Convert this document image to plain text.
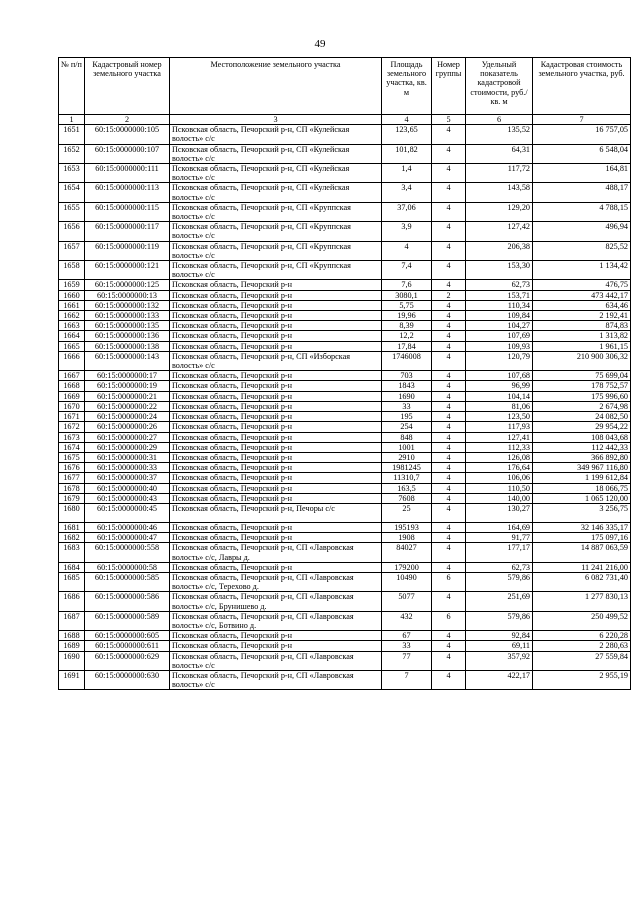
49
№ п/п	Кадастровый номер земельного участка	Местоположение земельного участка	Площадь земельного участка, кв. м	Номер группы	Удельный показатель кадастровой стоимости, руб./кв. м	Кадастровая стоимость земельного участка, руб.
1	2	3	4	5	6	7
1651	60:15:0000000:105	Псковская область, Печорский р-н, СП «Кулейская волость» с/с	123,65	4	135,52	16 757,05
1652	60:15:0000000:107	Псковская область, Печорский р-н, СП «Кулейская волость» с/с	101,82	4	64,31	6 548,04
1653	60:15:0000000:111	Псковская область, Печорский р-н, СП «Кулейская волость» с/с	1,4	4	117,72	164,81
1654	60:15:0000000:113	Псковская область, Печорский р-н, СП «Кулейская волость» с/с	3,4	4	143,58	488,17
1655	60:15:0000000:115	Псковская область, Печорский р-н, СП «Круппская волость» с/с	37,06	4	129,20	4 788,15
1656	60:15:0000000:117	Псковская область, Печорский р-н, СП «Круппская волость» с/с	3,9	4	127,42	496,94
1657	60:15:0000000:119	Псковская область, Печорский р-н, СП «Круппская волость» с/с	4	4	206,38	825,52
1658	60:15:0000000:121	Псковская область, Печорский р-н, СП «Круппская волость» с/с	7,4	4	153,30	1 134,42
1659	60:15:0000000:125	Псковская область, Печорский р-н	7,6	4	62,73	476,75
1660	60:15:0000000:13	Псковская область, Печорский р-н	3080,1	2	153,71	473 442,17
1661	60:15:0000000:132	Псковская область, Печорский р-н	5,75	4	110,34	634,46
1662	60:15:0000000:133	Псковская область, Печорский р-н	19,96	4	109,84	2 192,41
1663	60:15:0000000:135	Псковская область, Печорский р-н	8,39	4	104,27	874,83
1664	60:15:0000000:136	Псковская область, Печорский р-н	12,2	4	107,69	1 313,82
1665	60:15:0000000:138	Псковская область, Печорский р-н	17,84	4	109,93	1 961,15
1666	60:15:0000000:143	Псковская область, Печорский р-н, СП «Изборская волость» с/с	1746008	4	120,79	210 900 306,32
1667	60:15:0000000:17	Псковская область, Печорский р-н	703	4	107,68	75 699,04
1668	60:15:0000000:19	Псковская область, Печорский р-н	1843	4	96,99	178 752,57
1669	60:15:0000000:21	Псковская область, Печорский р-н	1690	4	104,14	175 996,60
1670	60:15:0000000:22	Псковская область, Печорский р-н	33	4	81,06	2 674,98
1671	60:15:0000000:24	Псковская область, Печорский р-н	195	4	123,50	24 082,50
1672	60:15:0000000:26	Псковская область, Печорский р-н	254	4	117,93	29 954,22
1673	60:15:0000000:27	Псковская область, Печорский р-н	848	4	127,41	108 043,68
1674	60:15:0000000:29	Псковская область, Печорский р-н	1001	4	112,33	112 442,33
1675	60:15:0000000:31	Псковская область, Печорский р-н	2910	4	126,08	366 892,80
1676	60:15:0000000:33	Псковская область, Печорский р-н	1981245	4	176,64	349 967 116,80
1677	60:15:0000000:37	Псковская область, Печорский р-н	11310,7	4	106,06	1 199 612,84
1678	60:15:0000000:40	Псковская область, Печорский р-н	163,5	4	110,50	18 066,75
1679	60:15:0000000:43	Псковская область, Печорский р-н	7608	4	140,00	1 065 120,00
1680	60:15:0000000:45	Псковская область, Печорский р-н, Печоры с/с	25	4	130,27	3 256,75
1681	60:15:0000000:46	Псковская область, Печорский р-н	195193	4	164,69	32 146 335,17
1682	60:15:0000000:47	Псковская область, Печорский р-н	1908	4	91,77	175 097,16
1683	60:15:0000000:558	Псковская область, Печорский р-н, СП «Лавровская волость» с/с, Лавры д.	84027	4	177,17	14 887 063,59
1684	60:15:0000000:58	Псковская область, Печорский р-н	179200	4	62,73	11 241 216,00
1685	60:15:0000000:585	Псковская область, Печорский р-н, СП «Лавровская волость» с/с, Терехово д.	10490	6	579,86	6 082 731,40
1686	60:15:0000000:586	Псковская область, Печорский р-н, СП «Лавровская волость» с/с, Брунишево д.	5077	4	251,69	1 277 830,13
1687	60:15:0000000:589	Псковская область, Печорский р-н, СП «Лавровская волость» с/с, Ботвино д.	432	6	579,86	250 499,52
1688	60:15:0000000:605	Псковская область, Печорский р-н	67	4	92,84	6 220,28
1689	60:15:0000000:611	Псковская область, Печорский р-н	33	4	69,11	2 280,63
1690	60:15:0000000:629	Псковская область, Печорский р-н, СП «Лавровская волость» с/с	77	4	357,92	27 559,84
1691	60:15:0000000:630	Псковская область, Печорский р-н, СП «Лавровская волость» с/с	7	4	422,17	2 955,19
